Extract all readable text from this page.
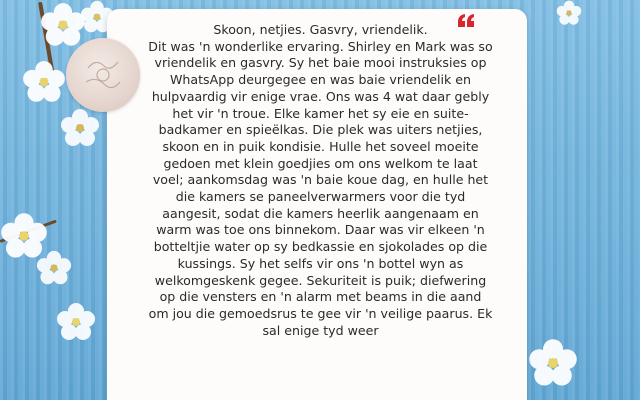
Skoon, netjies. Gasvry, vriendelik.
Dit was 'n wonderlike ervaring. Shirley en Mark was so vriendelik en gasvry. Sy het baie mooi instruksies op WhatsApp deurgegee en was baie vriendelik en hulpvaardig vir enige vrae. Ons was 4 wat daar gebly het vir 'n troue. Elke kamer het sy eie en suite-badkamer en spieëlkas. Die plek was uiters netjies, skoon en in puik kondisie. Hulle het soveel moeite gedoen met klein goedjies om ons welkom te laat voel; aankomsdag was 'n baie koue dag, en hulle het die kamers se paneelverwarmers voor die tyd aangesit, sodat die kamers heerlik aangenaam en warm was toe ons binnekom. Daar was vir elkeen 'n botteltjie water op sy bedkassie en sjokolades op die kussings. Sy het selfs vir ons 'n bottel wyn as welkomgeskenk gegee. Sekuriteit is puik; diefwering op die vensters en 'n alarm met beams in die aand om jou die gemoedsrus te gee vir 'n veilige paarus. Ek sal enige tyd weer
